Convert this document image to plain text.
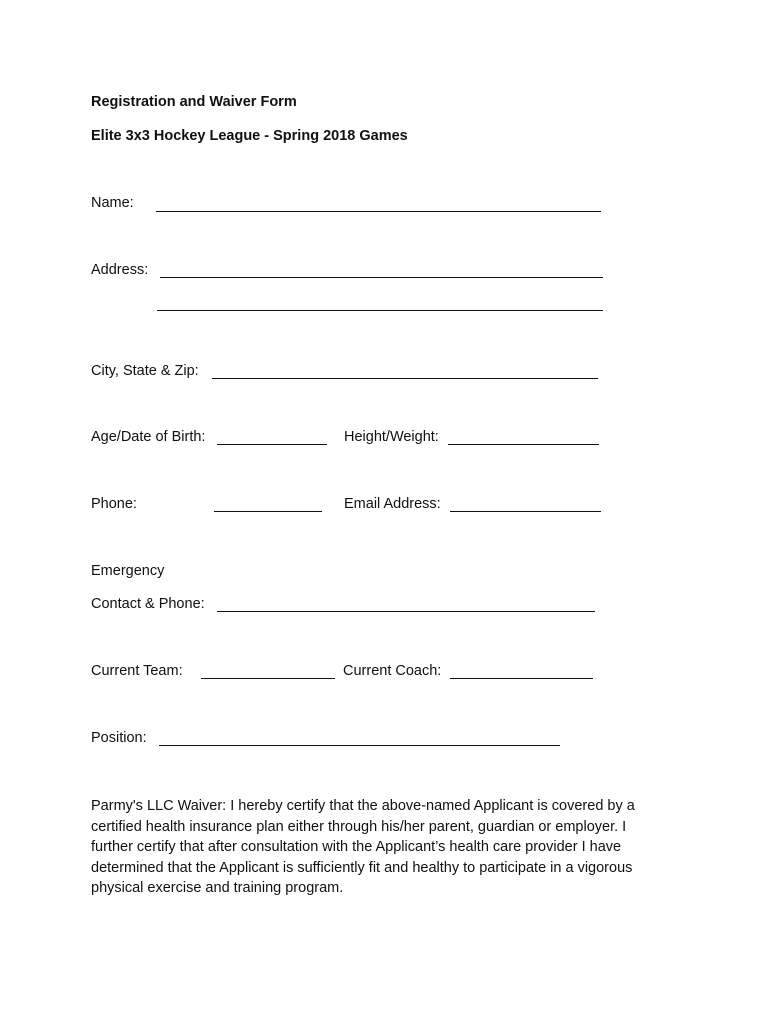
Registration and Waiver Form
Elite 3x3 Hockey League - Spring 2018 Games
Name:
Address:
City, State & Zip:
Age/Date of Birth:	Height/Weight:
Phone:	Email Address:
Emergency
Contact & Phone:
Current Team:	Current Coach:
Position:
Parmy's LLC Waiver: I hereby certify that the above-named Applicant is covered by a certified health insurance plan either through his/her parent, guardian or employer. I further certify that after consultation with the Applicant’s health care provider I have determined that the Applicant is sufficiently fit and healthy to participate in a vigorous physical exercise and training program.
